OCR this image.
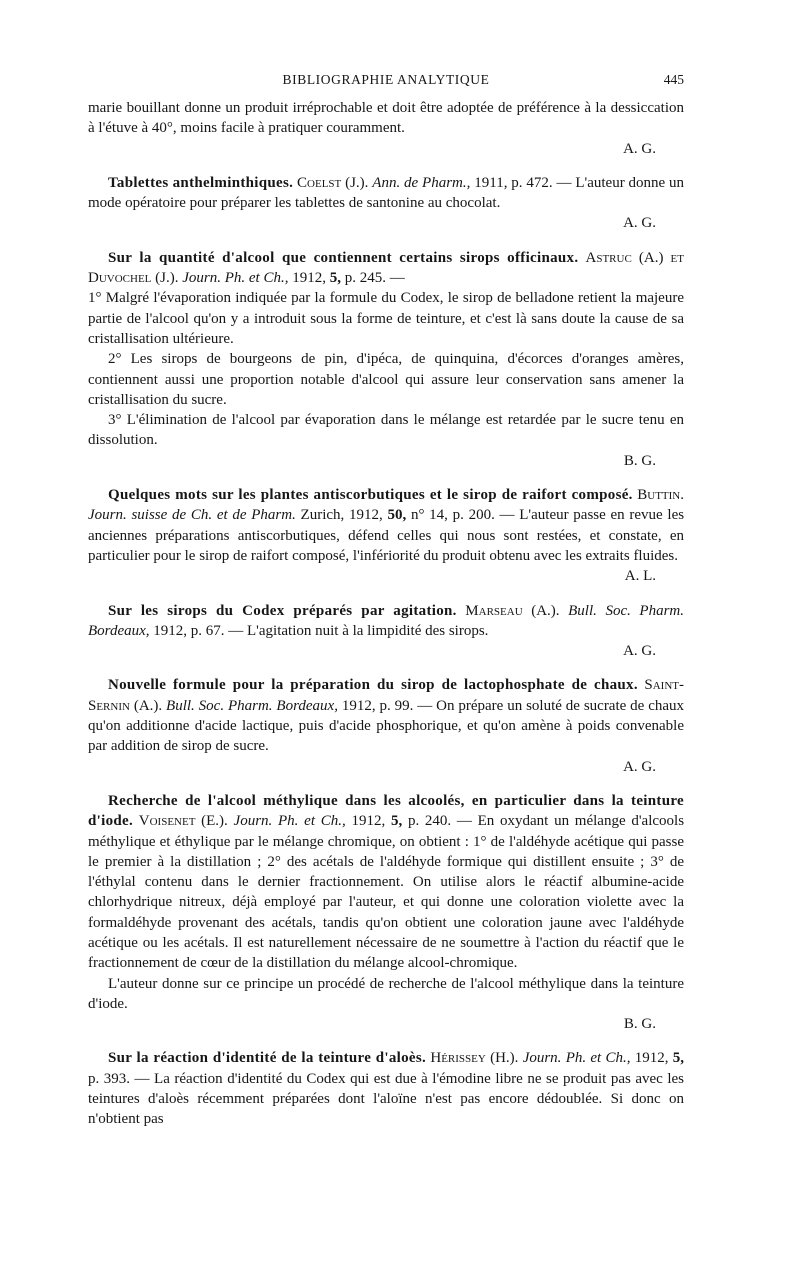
BIBLIOGRAPHIE ANALYTIQUE	445

marie bouillant donne un produit irréprochable et doit être adoptée de préférence à la dessiccation à l'étuve à 40°, moins facile à pratiquer couramment.

A. G.

Tablettes anthelminthiques. Coelst (J.). Ann. de Pharm., 1911, p. 472. — L'auteur donne un mode opératoire pour préparer les tablettes de santonine au chocolat.

A. G.

Sur la quantité d'alcool que contiennent certains sirops officinaux. Astruc (A.) et Duvochel (J.). Journ. Ph. et Ch., 1912, 5, p. 245. —

1° Malgré l'évaporation indiquée par la formule du Codex, le sirop de belladone retient la majeure partie de l'alcool qu'on y a introduit sous la forme de teinture, et c'est là sans doute la cause de sa cristallisation ultérieure.

2° Les sirops de bourgeons de pin, d'ipéca, de quinquina, d'écorces d'oranges amères, contiennent aussi une proportion notable d'alcool qui assure leur conservation sans amener la cristallisation du sucre.

3° L'élimination de l'alcool par évaporation dans le mélange est retardée par le sucre tenu en dissolution.

B. G.

Quelques mots sur les plantes antiscorbutiques et le sirop de raifort composé. Buttin. Journ. suisse de Ch. et de Pharm. Zurich, 1912, 50, n° 14, p. 200. — L'auteur passe en revue les anciennes préparations antiscorbutiques, défend celles qui nous sont restées, et constate, en particulier pour le sirop de raifort composé, l'infériorité du produit obtenu avec les extraits fluides.

A. L.

Sur les sirops du Codex préparés par agitation. Marseau (A.). Bull. Soc. Pharm. Bordeaux, 1912, p. 67. — L'agitation nuit à la limpidité des sirops.

A. G.

Nouvelle formule pour la préparation du sirop de lactophosphate de chaux. Saint-Sernin (A.). Bull. Soc. Pharm. Bordeaux, 1912, p. 99. — On prépare un soluté de sucrate de chaux qu'on additionne d'acide lactique, puis d'acide phosphorique, et qu'on amène à poids convenable par addition de sirop de sucre.

A. G.

Recherche de l'alcool méthylique dans les alcoolés, en particulier dans la teinture d'iode. Voisenet (E.). Journ. Ph. et Ch., 1912, 5, p. 240. — En oxydant un mélange d'alcools méthylique et éthylique par le mélange chromique, on obtient : 1° de l'aldéhyde acétique qui passe le premier à la distillation ; 2° des acétals de l'aldéhyde formique qui distillent ensuite ; 3° de l'éthylal contenu dans le dernier fractionnement. On utilise alors le réactif albumine-acide chlorhydrique nitreux, déjà employé par l'auteur, et qui donne une coloration violette avec la formaldéhyde provenant des acétals, tandis qu'on obtient une coloration jaune avec l'aldéhyde acétique ou les acétals. Il est naturellement nécessaire de ne soumettre à l'action du réactif que le fractionnement de cœur de la distillation du mélange alcool-chromique.

L'auteur donne sur ce principe un procédé de recherche de l'alcool méthylique dans la teinture d'iode.

B. G.

Sur la réaction d'identité de la teinture d'aloès. Hérissey (H.). Journ. Ph. et Ch., 1912, 5, p. 393. — La réaction d'identité du Codex qui est due à l'émodine libre ne se produit pas avec les teintures d'aloès récemment préparées dont l'aloïne n'est pas encore dédoublée. Si donc on n'obtient pas
